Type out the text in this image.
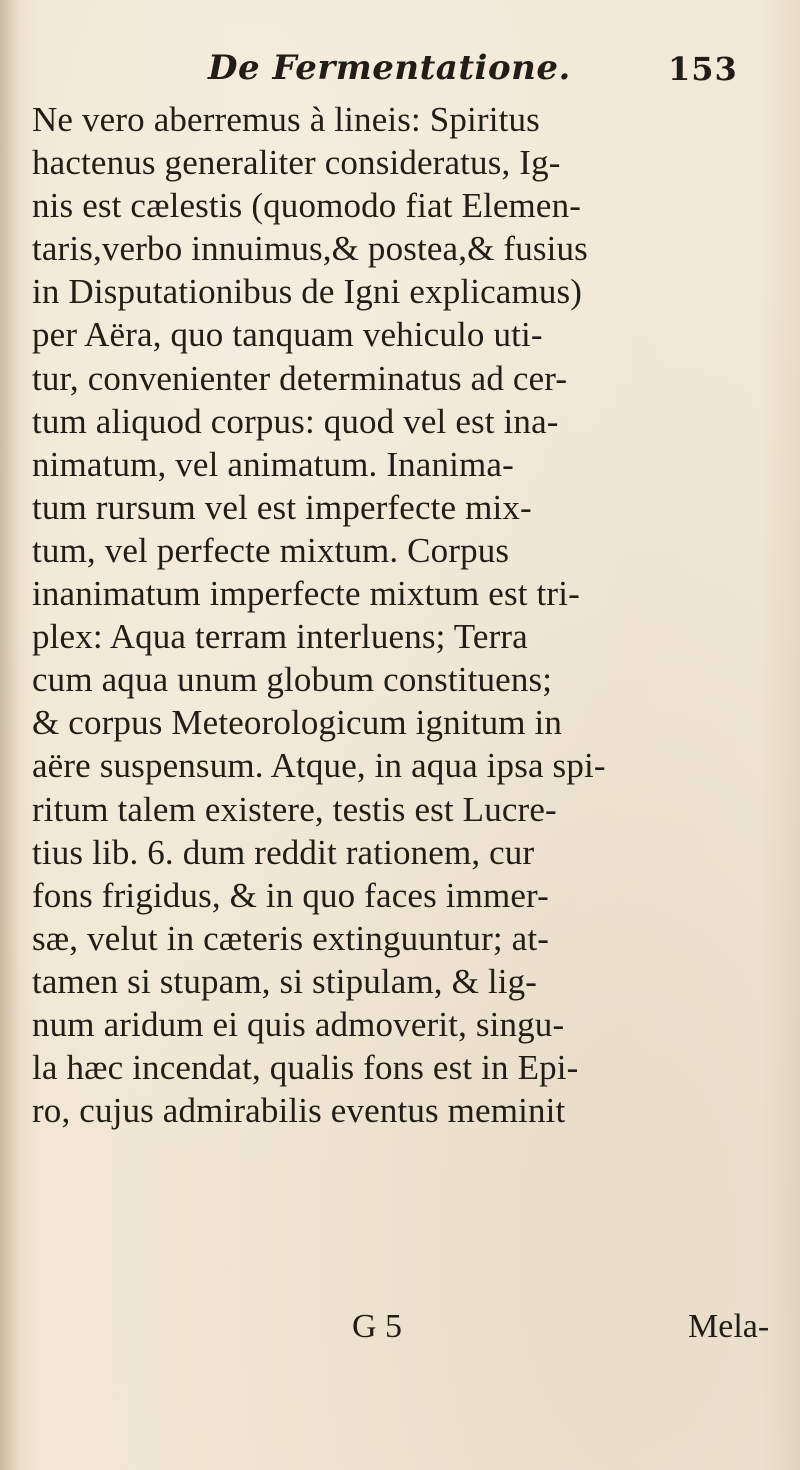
De Fermentatione.	153
Ne vero aberremus à lineis: Spiritus
hactenus generaliter consideratus, Ig-
nis est cælestis (quomodo fiat Elemen-
taris,verbo innuimus,& postea,& fusius
in Disputationibus de Igni explicamus)
per Aëra, quo tanquam vehiculo uti-
tur, convenienter determinatus ad cer-
tum aliquod corpus: quod vel est ina-
nimatum, vel animatum. Inanima-
tum rursum vel est imperfecte mix-
tum, vel perfecte mixtum. Corpus
inanimatum imperfecte mixtum est tri-
plex: Aqua terram interluens; Terra
cum aqua unum globum constituens;
& corpus Meteorologicum ignitum in
aëre suspensum. Atque, in aqua ipsa spi-
ritum talem existere, testis est Lucre-
tius lib. 6. dum reddit rationem, cur
fons frigidus, & in quo faces immer-
sæ, velut in cæteris extinguuntur; at-
tamen si stupam, si stipulam, & lig-
num aridum ei quis admoverit, singu-
la hæc incendat, qualis fons est in Epi-
ro, cujus admirabilis eventus meminit
G 5	Mela-
